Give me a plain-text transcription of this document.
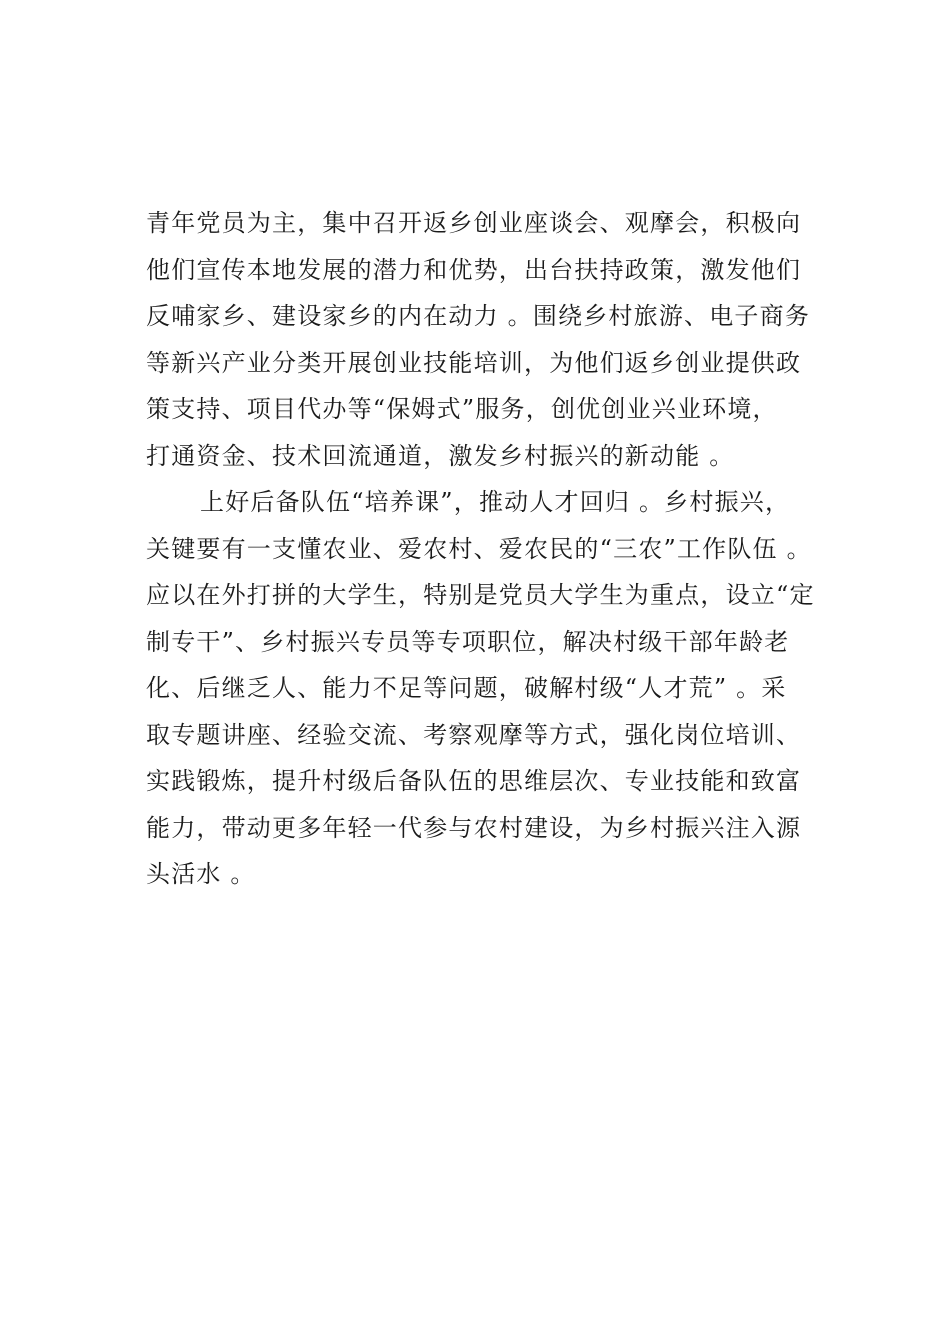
青年党员为主，集中召开返乡创业座谈会、观摩会，积极向
他们宣传本地发展的潜力和优势，出台扶持政策，激发他们
反哺家乡、建设家乡的内在动力 。围绕乡村旅游、电子商务
等新兴产业分类开展创业技能培训，为他们返乡创业提供政
策支持、项目代办等“保姆式”服务，创优创业兴业环境，
打通资金、技术回流通道，激发乡村振兴的新动能 。
上好后备队伍“培养课”，推动人才回归 。乡村振兴，
关键要有一支懂农业、爱农村、爱农民的“三农”工作队伍 。
应以在外打拼的大学生，特别是党员大学生为重点，设立“定
制专干”、乡村振兴专员等专项职位，解决村级干部年龄老
化、后继乏人、能力不足等问题，破解村级“人才荒” 。采
取专题讲座、经验交流、考察观摩等方式，强化岗位培训、
实践锻炼，提升村级后备队伍的思维层次、专业技能和致富
能力，带动更多年轻一代参与农村建设，为乡村振兴注入源
头活水 。
